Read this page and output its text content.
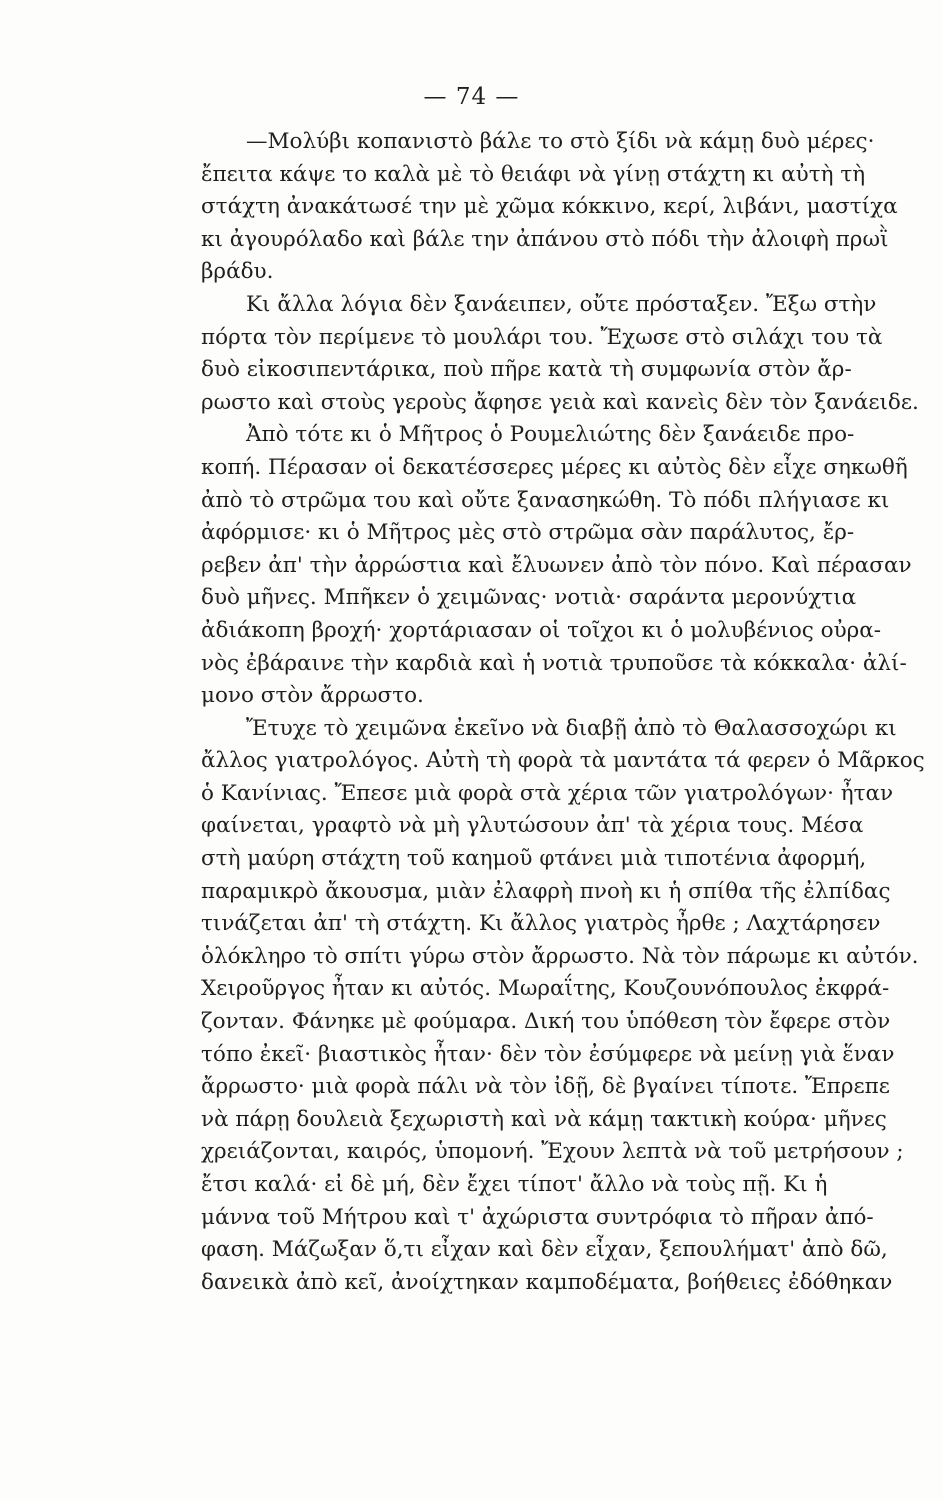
— 74 —

—Μολύβι κοπανιστὸ βάλε το στὸ ξίδι νὰ κάμῃ δυὸ μέρες·
ἔπειτα κάψε το καλὰ μὲ τὸ θειάφι νὰ γίνῃ στάχτη κι αὐτὴ τὴ
στάχτη ἀνακάτωσέ την μὲ χῶμα κόκκινο, κερί, λιβάνι, μαστίχα
κι ἀγουρόλαδο καὶ βάλε την ἀπάνου στὸ πόδι τὴν ἀλοιφὴ πρωῒ
βράδυ.

Κι ἄλλα λόγια δὲν ξανάειπεν, οὔτε πρόσταξεν. Ἔξω στὴν
πόρτα τὸν περίμενε τὸ μουλάρι του. Ἔχωσε στὸ σιλάχι του τὰ
δυὸ εἰκοσιπεντάρικα, ποὺ πῆρε κατὰ τὴ συμφωνία στὸν ἄρ-
ρωστο καὶ στοὺς γεροὺς ἄφησε γειὰ καὶ κανεὶς δὲν τὸν ξανάειδε.

Ἀπὸ τότε κι ὁ Μῆτρος ὁ Ρουμελιώτης δὲν ξανάειδε προ-
κοπή. Πέρασαν οἱ δεκατέσσερες μέρες κι αὐτὸς δὲν εἶχε σηκωθῆ
ἀπὸ τὸ στρῶμα του καὶ οὔτε ξανασηκώθη. Τὸ πόδι πλήγιασε κι
ἀφόρμισε· κι ὁ Μῆτρος μὲς στὸ στρῶμα σὰν παράλυτος, ἔρ-
ρεβεν ἀπ' τὴν ἀρρώστια καὶ ἔλυωνεν ἀπὸ τὸν πόνο. Καὶ πέρασαν
δυὸ μῆνες. Μπῆκεν ὁ χειμῶνας· νοτιὰ· σαράντα μερονύχτια
ἀδιάκοπη βροχή· χορτάριασαν οἱ τοῖχοι κι ὁ μολυβένιος οὐρα-
νὸς ἐβάραινε τὴν καρδιὰ καὶ ἡ νοτιὰ τρυποῦσε τὰ κόκκαλα· ἀλί-
μονο στὸν ἄρρωστο.

Ἔτυχε τὸ χειμῶνα ἐκεῖνο νὰ διαβῇ ἀπὸ τὸ Θαλασσοχώρι κι
ἄλλος γιατρολόγος. Αὐτὴ τὴ φορὰ τὰ μαντάτα τά φερεν ὁ Μᾶρκος
ὁ Κανίνιας. Ἔπεσε μιὰ φορὰ στὰ χέρια τῶν γιατρολόγων· ἦταν
φαίνεται, γραφτὸ νὰ μὴ γλυτώσουν ἀπ' τὰ χέρια τους. Μέσα
στὴ μαύρη στάχτη τοῦ καημοῦ φτάνει μιὰ τιποτένια ἀφορμή,
παραμικρὸ ἄκουσμα, μιὰν ἐλαφρὴ πνοὴ κι ἡ σπίθα τῆς ἐλπίδας
τινάζεται ἀπ' τὴ στάχτη. Κι ἄλλος γιατρὸς ἦρθε ; Λαχτάρησεν
ὁλόκληρο τὸ σπίτι γύρω στὸν ἄρρωστο. Νὰ τὸν πάρωμε κι αὐτόν.
Χειροῦργος ἦταν κι αὐτός. Μωραΐτης, Κουζουνόπουλος ἐκφρά-
ζονταν. Φάνηκε μὲ φούμαρα. Δική του ὑπόθεση τὸν ἔφερε στὸν
τόπο ἐκεῖ· βιαστικὸς ἦταν· δὲν τὸν ἐσύμφερε νὰ μείνῃ γιὰ ἕναν
ἄρρωστο· μιὰ φορὰ πάλι νὰ τὸν ἰδῇ, δὲ βγαίνει τίποτε. Ἔπρεπε
νὰ πάρῃ δουλειὰ ξεχωριστὴ καὶ νὰ κάμῃ τακτικὴ κούρα· μῆνες
χρειάζονται, καιρός, ὑπομονή. Ἔχουν λεπτὰ νὰ τοῦ μετρήσουν ;
ἔτσι καλά· εἰ δὲ μή, δὲν ἔχει τίποτ' ἄλλο νὰ τοὺς πῇ. Κι ἡ
μάννα τοῦ Μήτρου καὶ τ' ἀχώριστα συντρόφια τὸ πῆραν ἀπό-
φαση. Μάζωξαν ὅ,τι εἶχαν καὶ δὲν εἶχαν, ξεπουλήματ' ἀπὸ δῶ,
δανεικὰ ἀπὸ κεῖ, ἀνοίχτηκαν καμποδέματα, βοήθειες ἐδόθηκαν
